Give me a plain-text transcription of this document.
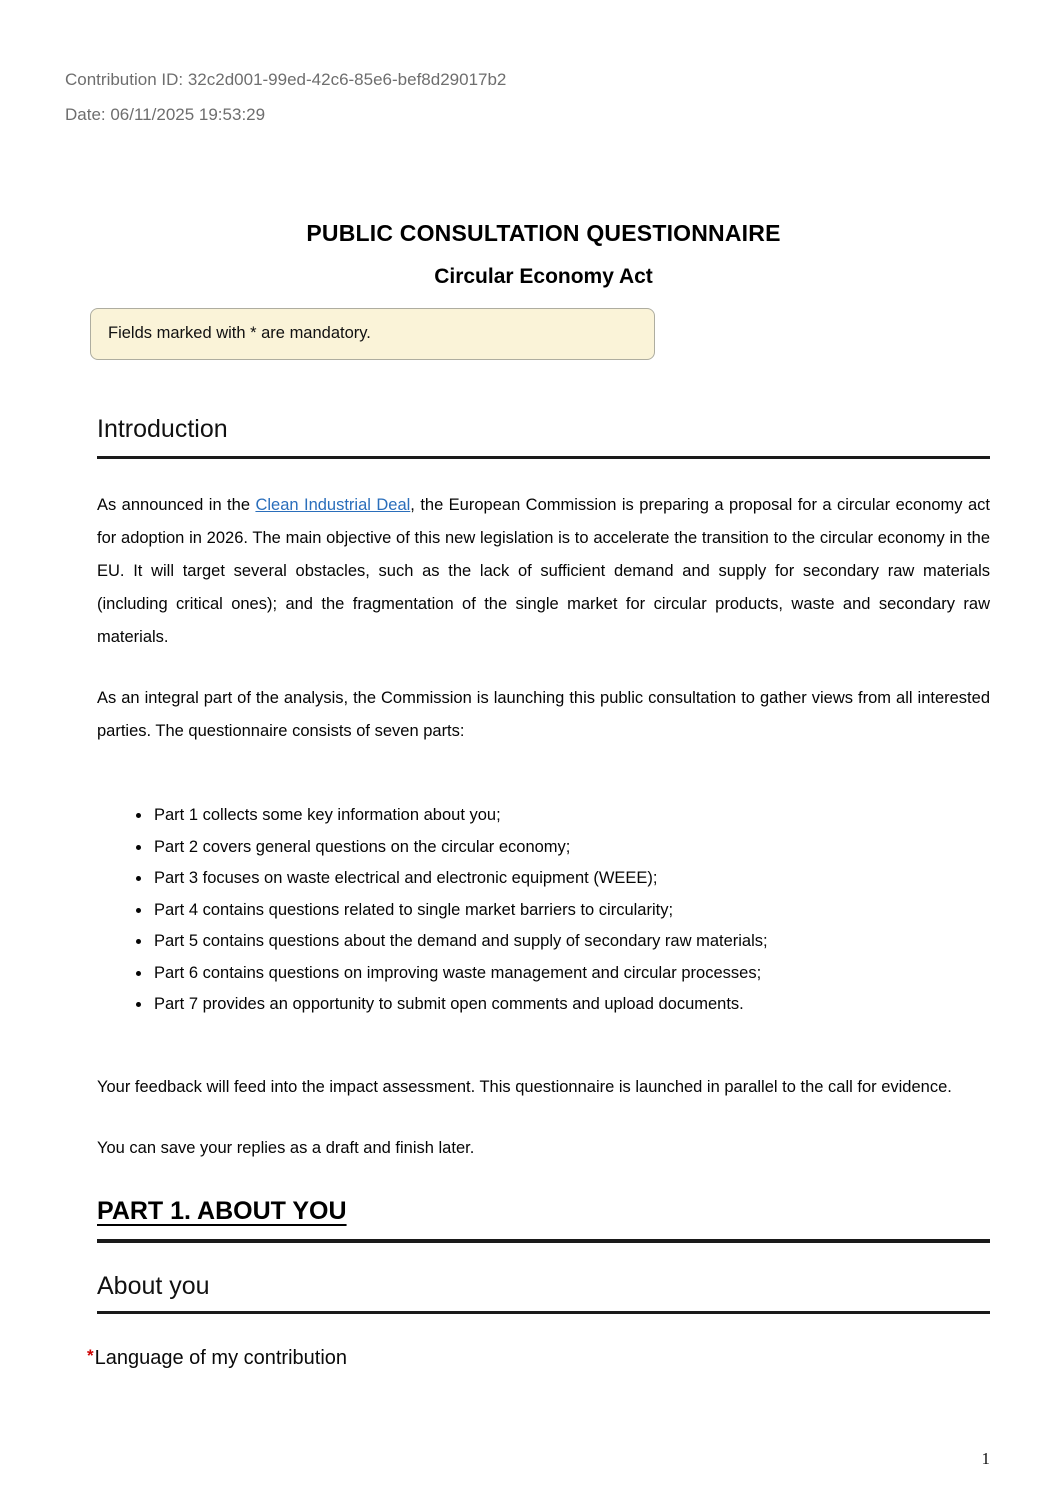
Contribution ID: 32c2d001-99ed-42c6-85e6-bef8d29017b2
Date: 06/11/2025 19:53:29
PUBLIC CONSULTATION QUESTIONNAIRE
Circular Economy Act
Fields marked with * are mandatory.
Introduction

As announced in the Clean Industrial Deal, the European Commission is preparing a proposal for a circular economy act for adoption in 2026. The main objective of this new legislation is to accelerate the transition to the circular economy in the EU. It will target several obstacles, such as the lack of sufficient demand and supply for secondary raw materials (including critical ones); and the fragmentation of the single market for circular products, waste and secondary raw materials.

As an integral part of the analysis, the Commission is launching this public consultation to gather views from all interested parties. The questionnaire consists of seven parts:

• Part 1 collects some key information about you;
• Part 2 covers general questions on the circular economy;
• Part 3 focuses on waste electrical and electronic equipment (WEEE);
• Part 4 contains questions related to single market barriers to circularity;
• Part 5 contains questions about the demand and supply of secondary raw materials;
• Part 6 contains questions on improving waste management and circular processes;
• Part 7 provides an opportunity to submit open comments and upload documents.

Your feedback will feed into the impact assessment. This questionnaire is launched in parallel to the call for evidence.

You can save your replies as a draft and finish later.

PART 1. ABOUT YOU
About you
*Language of my contribution
1
